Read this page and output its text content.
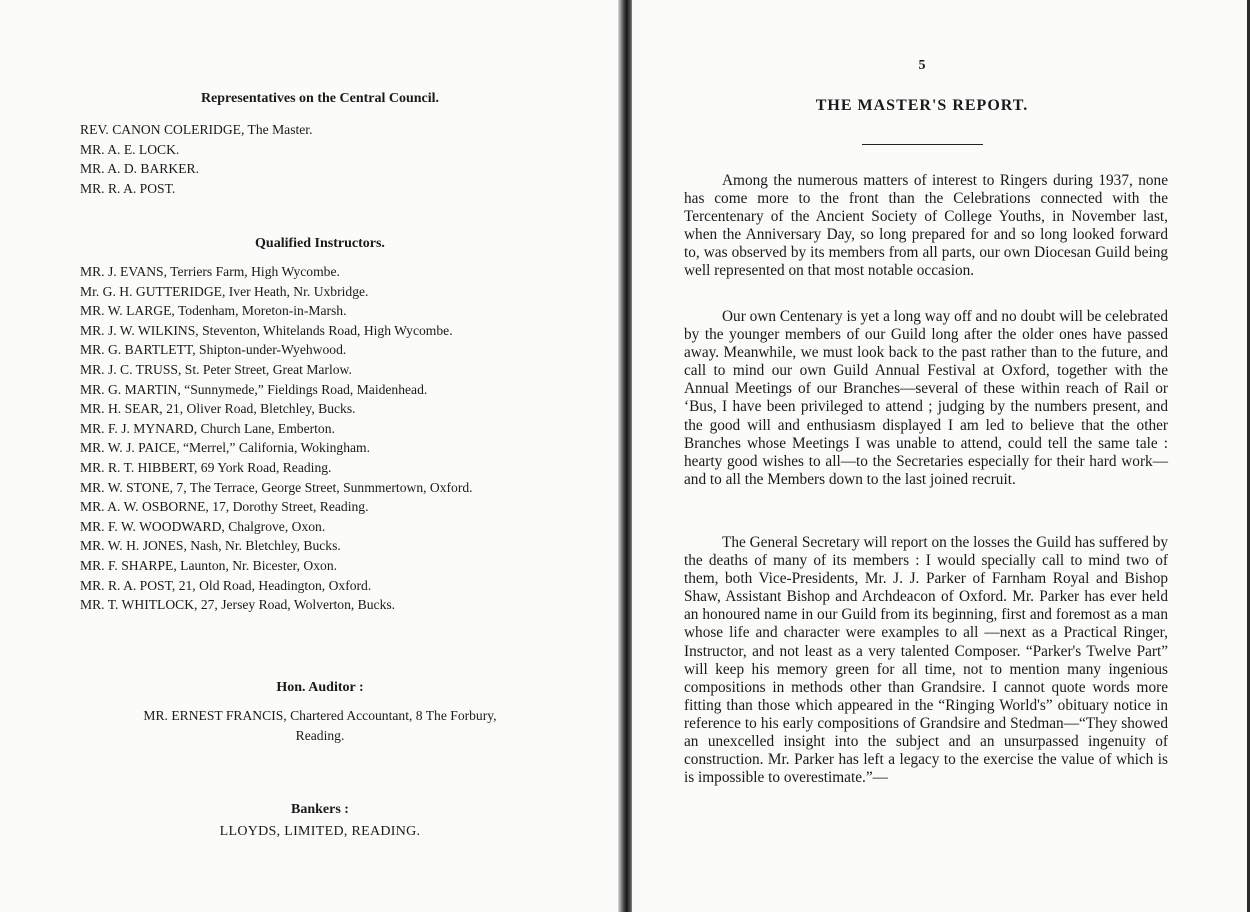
Representatives on the Central Council.
REV. CANON COLERIDGE, The Master.
MR. A. E. LOCK.
MR. A. D. BARKER.
MR. R. A. POST.
Qualified Instructors.
MR. J. EVANS, Terriers Farm, High Wycombe.
Mr. G. H. GUTTERIDGE, Iver Heath, Nr. Uxbridge.
MR. W. LARGE, Todenham, Moreton-in-Marsh.
MR. J. W. WILKINS, Steventon, Whitelands Road, High Wycombe.
MR. G. BARTLETT, Shipton-under-Wyehwood.
MR. J. C. TRUSS, St. Peter Street, Great Marlow.
MR. G. MARTIN, “Sunnymede,” Fieldings Road, Maidenhead.
MR. H. SEAR, 21, Oliver Road, Bletchley, Bucks.
MR. F. J. MYNARD, Church Lane, Emberton.
MR. W. J. PAICE, “Merrel,” California, Wokingham.
MR. R. T. HIBBERT, 69 York Road, Reading.
MR. W. STONE, 7, The Terrace, George Street, Sunmmertown, Oxford.
MR. A. W. OSBORNE, 17, Dorothy Street, Reading.
MR. F. W. WOODWARD, Chalgrove, Oxon.
MR. W. H. JONES, Nash, Nr. Bletchley, Bucks.
MR. F. SHARPE, Launton, Nr. Bicester, Oxon.
MR. R. A. POST, 21, Old Road, Headington, Oxford.
MR. T. WHITLOCK, 27, Jersey Road, Wolverton, Bucks.
Hon. Auditor :
MR. ERNEST FRANCIS, Chartered Accountant, 8 The Forbury,
Reading.
Bankers :
LLOYDS, LIMITED, READING.
5
THE MASTER'S REPORT.

Among the numerous matters of interest to Ringers during 1937, none has come more to the front than the Celebrations connected with the Tercentenary of the Ancient Society of College Youths, in November last, when the Anniversary Day, so long prepared for and so long looked forward to, was observed by its members from all parts, our own Diocesan Guild being well represented on that most notable occasion.

Our own Centenary is yet a long way off and no doubt will be celebrated by the younger members of our Guild long after the older ones have passed away. Meanwhile, we must look back to the past rather than to the future, and call to mind our own Guild Annual Festival at Oxford, together with the Annual Meetings of our Branches—several of these within reach of Rail or ‘Bus, I have been privileged to attend ; judging by the numbers present, and the good will and enthusiasm displayed I am led to believe that the other Branches whose Meetings I was unable to attend, could tell the same tale : hearty good wishes to all—to the Secretaries especially for their hard work— and to all the Members down to the last joined recruit.

The General Secretary will report on the losses the Guild has suffered by the deaths of many of its members : I would specially call to mind two of them, both Vice-Presidents, Mr. J. J. Parker of Farnham Royal and Bishop Shaw, Assistant Bishop and Archdeacon of Oxford. Mr. Parker has ever held an honoured name in our Guild from its beginning, first and foremost as a man whose life and character were examples to all —next as a Practical Ringer, Instructor, and not least as a very talented Composer. “Parker's Twelve Part” will keep his memory green for all time, not to mention many ingenious compositions in methods other than Grandsire. I cannot quote words more fitting than those which appeared in the “Ringing World's” obituary notice in reference to his early compositions of Grandsire and Stedman—“They showed an unexcelled insight into the subject and an unsurpassed ingenuity of construction. Mr. Parker has left a legacy to the exercise the value of which is is impossible to overestimate.”—
